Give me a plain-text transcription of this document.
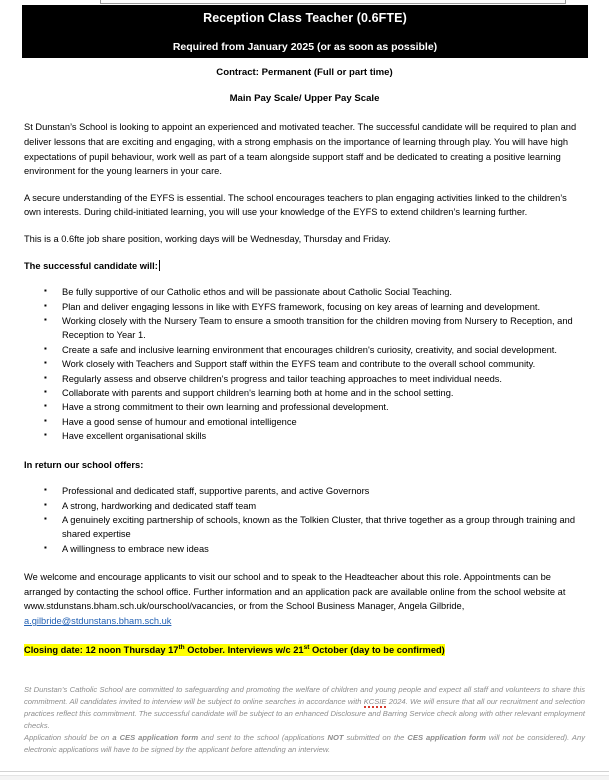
Reception Class Teacher (0.6FTE)
Required from January 2025 (or as soon as possible)

Contract: Permanent (Full or part time)

Main Pay Scale/ Upper Pay Scale

St Dunstan’s School is looking to appoint an experienced and motivated teacher. The successful candidate will be required to plan and deliver lessons that are exciting and engaging, with a strong emphasis on the importance of learning through play. You will have high expectations of pupil behaviour, work well as part of a team alongside support staff and be dedicated to creating a positive learning environment for the young learners in your care.

A secure understanding of the EYFS is essential. The school encourages teachers to plan engaging activities linked to the children’s own interests. During child-initiated learning, you will use your knowledge of the EYFS to extend children’s learning further.

This is a 0.6fte job share position, working days will be Wednesday, Thursday and Friday.

The successful candidate will:
▪ Be fully supportive of our Catholic ethos and will be passionate about Catholic Social Teaching.
▪ Plan and deliver engaging lessons in like with EYFS framework, focusing on key areas of learning and development.
▪ Working closely with the Nursery Team to ensure a smooth transition for the children moving from Nursery to Reception, and Reception to Year 1.
▪ Create a safe and inclusive learning environment that encourages children's curiosity, creativity, and social development.
▪ Work closely with Teachers and Support staff within the EYFS team and contribute to the overall school community.
▪ Regularly assess and observe children's progress and tailor teaching approaches to meet individual needs.
▪ Collaborate with parents and support children's learning both at home and in the school setting.
▪ Have a strong commitment to their own learning and professional development.
▪ Have a good sense of humour and emotional intelligence
▪ Have excellent organisational skills

In return our school offers:

▪ Professional and dedicated staff, supportive parents, and active Governors
▪ A strong, hardworking and dedicated staff team
▪ A genuinely exciting partnership of schools, known as the Tolkien Cluster, that thrive together as a group through training and shared expertise
▪ A willingness to embrace new ideas

We welcome and encourage applicants to visit our school and to speak to the Headteacher about this role. Appointments can be arranged by contacting the school office. Further information and an application pack are available online from the school website at www.stdunstans.bham.sch.uk/ourschool/vacancies, or from the School Business Manager, Angela Gilbride,

a.gilbride@stdunstans.bham.sch.uk

Closing date: 12 noon Thursday 17th October. Interviews w/c 21st October (day to be confirmed)

St Dunstan’s Catholic School are committed to safeguarding and promoting the welfare of children and young people and expect all staff and volunteers to share this commitment. All candidates invited to interview will be subject to online searches in accordance with KCSIE 2024. We will ensure that all our recruitment and selection practices reflect this commitment. The successful candidate will be subject to an enhanced Disclosure and Barring Service check along with other relevant employment checks.

Application should be on a CES application form and sent to the school (applications NOT submitted on the CES application form will not be considered). Any electronic applications will have to be signed by the applicant before attending an interview.
